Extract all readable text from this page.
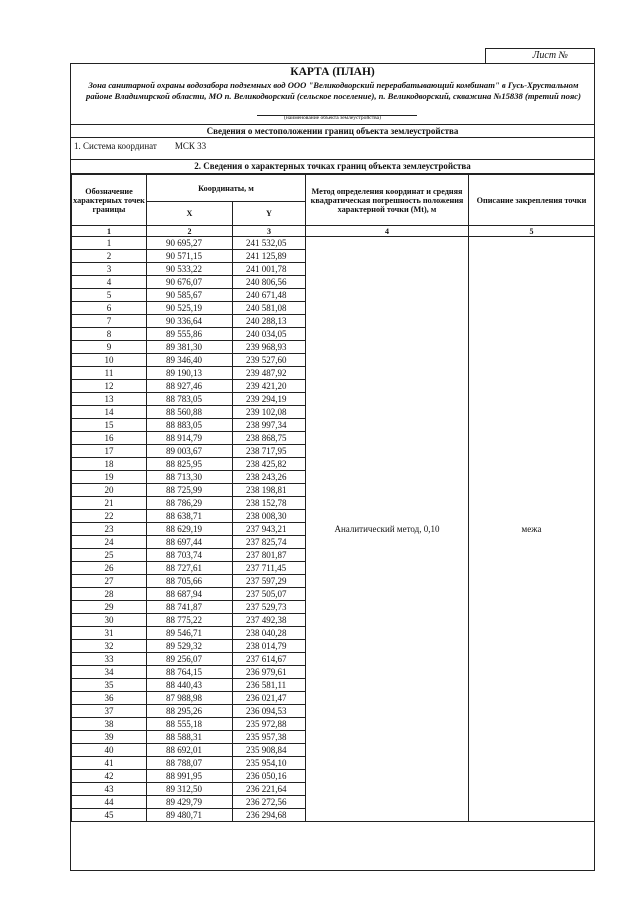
Лист №
КАРТА (ПЛАН)
Зона санитарной охраны водозабора подземных вод ООО "Великодворский перерабатывающий комбинат" в Гусь-Хрустальном районе Владимирской области, МО п. Великодворский (сельское поселение), п. Великодворский, скважина №15838 (третий пояс)
(наименование объекта землеустройства)
Сведения о местоположении границ объекта землеустройства
1. Система координат МСК 33
2. Сведения о характерных точках границ объекта землеустройства
Обозначение характерных точек границы	Координаты, м		Метод определения координат и средняя квадратическая погрешность положения характерной точки (Mt), м	Описание закрепления точки
	X	Y		
1	2	3	4	5
1	90 695,27	241 532,05	Аналитический метод, 0,10	межа
2	90 571,15	241 125,89		
3	90 533,22	241 001,78		
4	90 676,07	240 806,56		
5	90 585,67	240 671,48		
6	90 525,19	240 581,08		
7	90 336,64	240 288,13		
8	89 555,86	240 034,05		
9	89 381,30	239 968,93		
10	89 346,40	239 527,60		
11	89 190,13	239 487,92		
12	88 927,46	239 421,20		
13	88 783,05	239 294,19		
14	88 560,88	239 102,08		
15	88 883,05	238 997,34		
16	88 914,79	238 868,75		
17	89 003,67	238 717,95		
18	88 825,95	238 425,82		
19	88 713,30	238 243,26		
20	88 725,99	238 198,81		
21	88 786,29	238 152,78		
22	88 638,71	238 008,30		
23	88 629,19	237 943,21		
24	88 697,44	237 825,74		
25	88 703,74	237 801,87		
26	88 727,61	237 711,45		
27	88 705,66	237 597,29		
28	88 687,94	237 505,07		
29	88 741,87	237 529,73		
30	88 775,22	237 492,38		
31	89 546,71	238 040,28		
32	89 529,32	238 014,79		
33	89 256,07	237 614,67		
34	88 764,15	236 979,61		
35	88 440,43	236 581,11		
36	87 988,98	236 021,47		
37	88 295,26	236 094,53		
38	88 555,18	235 972,88		
39	88 588,31	235 957,38		
40	88 692,01	235 908,84		
41	88 788,07	235 954,10		
42	88 991,95	236 050,16		
43	89 312,50	236 221,64		
44	89 429,79	236 272,56		
45	89 480,71	236 294,68		
